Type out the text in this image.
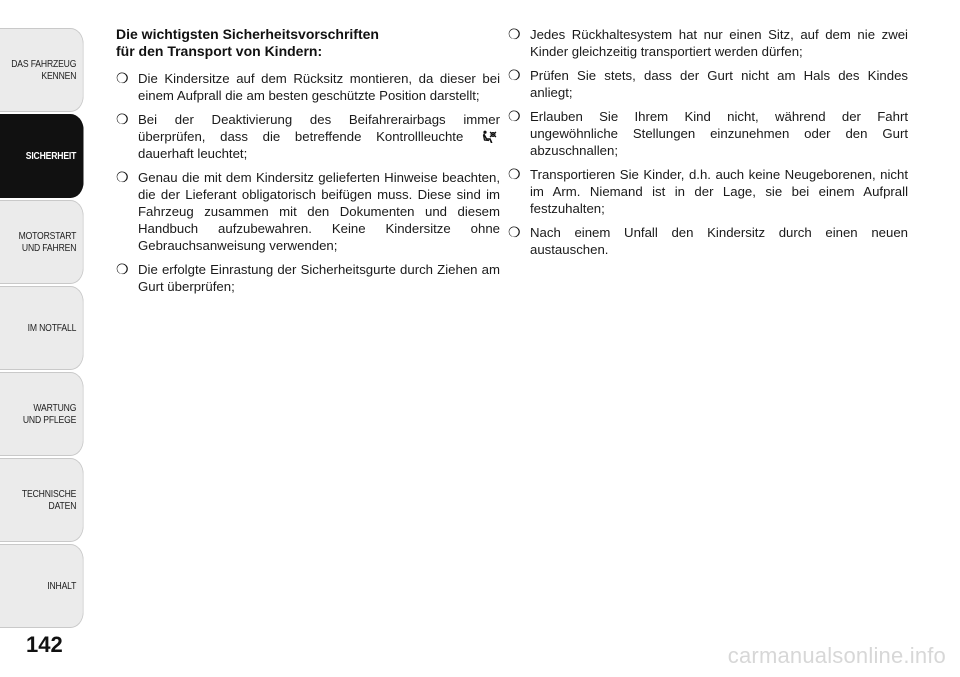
DAS FAHRZEUG
KENNEN
SICHERHEIT
MOTORSTART
UND FAHREN
IM NOTFALL
WARTUNG
UND PFLEGE
TECHNISCHE
DATEN
INHALT
142
Die wichtigsten Sicherheitsvorschriften
für den Transport von Kindern:
❍ Die Kindersitze auf dem Rücksitz montieren, da dieser bei einem Aufprall die am besten geschützte Position darstellt;
❍ Bei der Deaktivierung des Beifahrerairbags immer überprüfen, dass die betreffende Kontrollleuchte  dauerhaft leuchtet;
❍ Genau die mit dem Kindersitz gelieferten Hinweise beachten, die der Lieferant obligatorisch beifügen muss. Diese sind im Fahrzeug zusammen mit den Dokumenten und diesem Handbuch aufzubewahren. Keine Kindersitze ohne Gebrauchsanweisung verwenden;
❍ Die erfolgte Einrastung der Sicherheitsgurte durch Ziehen am Gurt überprüfen;
❍ Jedes Rückhaltesystem hat nur einen Sitz, auf dem nie zwei Kinder gleichzeitig transportiert werden dürfen;
❍ Prüfen Sie stets, dass der Gurt nicht am Hals des Kindes anliegt;
❍ Erlauben Sie Ihrem Kind nicht, während der Fahrt ungewöhnliche Stellungen einzunehmen oder den Gurt abzuschnallen;
❍ Transportieren Sie Kinder, d.h. auch keine Neugeborenen, nicht im Arm. Niemand ist in der Lage, sie bei einem Aufprall festzuhalten;
❍ Nach einem Unfall den Kindersitz durch einen neuen austauschen.
carmanualsonline.info
